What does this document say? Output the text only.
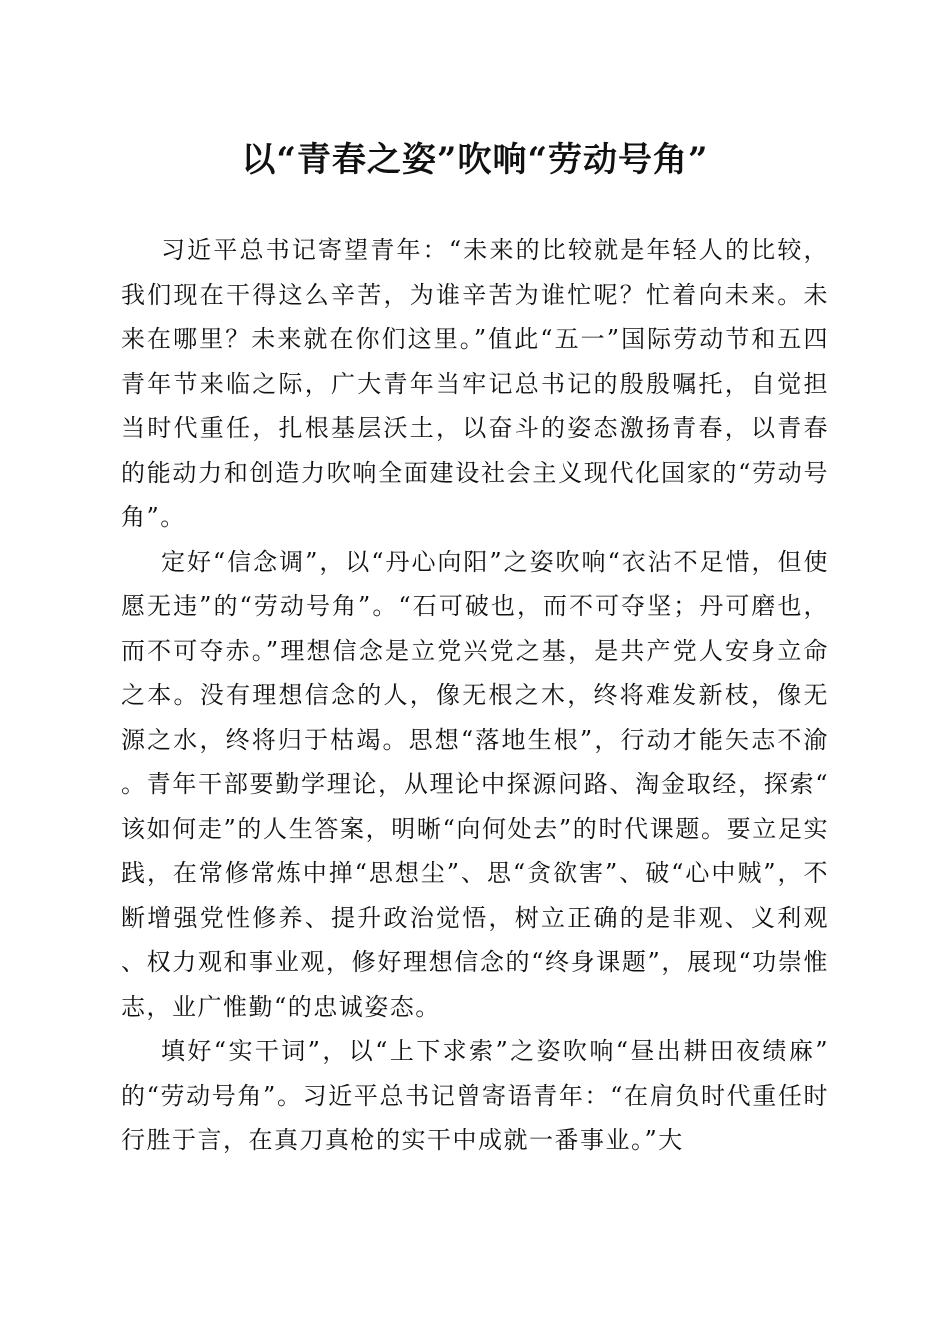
以“青春之姿”吹响“劳动号角”

习近平总书记寄望青年：“未来的比较就是年轻人的比较，我们现在干得这么辛苦，为谁辛苦为谁忙呢？忙着向未来。未来在哪里？未来就在你们这里。”值此“五一”国际劳动节和五四青年节来临之际，广大青年当牢记总书记的殷殷嘱托，自觉担当时代重任，扎根基层沃土，以奋斗的姿态激扬青春，以青春的能动力和创造力吹响全面建设社会主义现代化国家的“劳动号角”。

定好“信念调”，以“丹心向阳”之姿吹响“衣沾不足惜，但使愿无违”的“劳动号角”。“石可破也，而不可夺坚；丹可磨也，而不可夺赤。”理想信念是立党兴党之基，是共产党人安身立命之本。没有理想信念的人，像无根之木，终将难发新枝，像无源之水，终将归于枯竭。思想“落地生根”，行动才能矢志不渝。青年干部要勤学理论，从理论中探源问路、淘金取经，探索“该如何走”的人生答案，明晰“向何处去”的时代课题。要立足实践，在常修常炼中掸“思想尘”、思“贪欲害”、破“心中贼”，不断增强党性修养、提升政治觉悟，树立正确的是非观、义利观、权力观和事业观，修好理想信念的“终身课题”，展现“功崇惟志，业广惟勤“的忠诚姿态。

填好“实干词”，以“上下求索”之姿吹响“昼出耕田夜绩麻”的“劳动号角”。习近平总书记曾寄语青年：“在肩负时代重任时行胜于言，在真刀真枪的实干中成就一番事业。”大
